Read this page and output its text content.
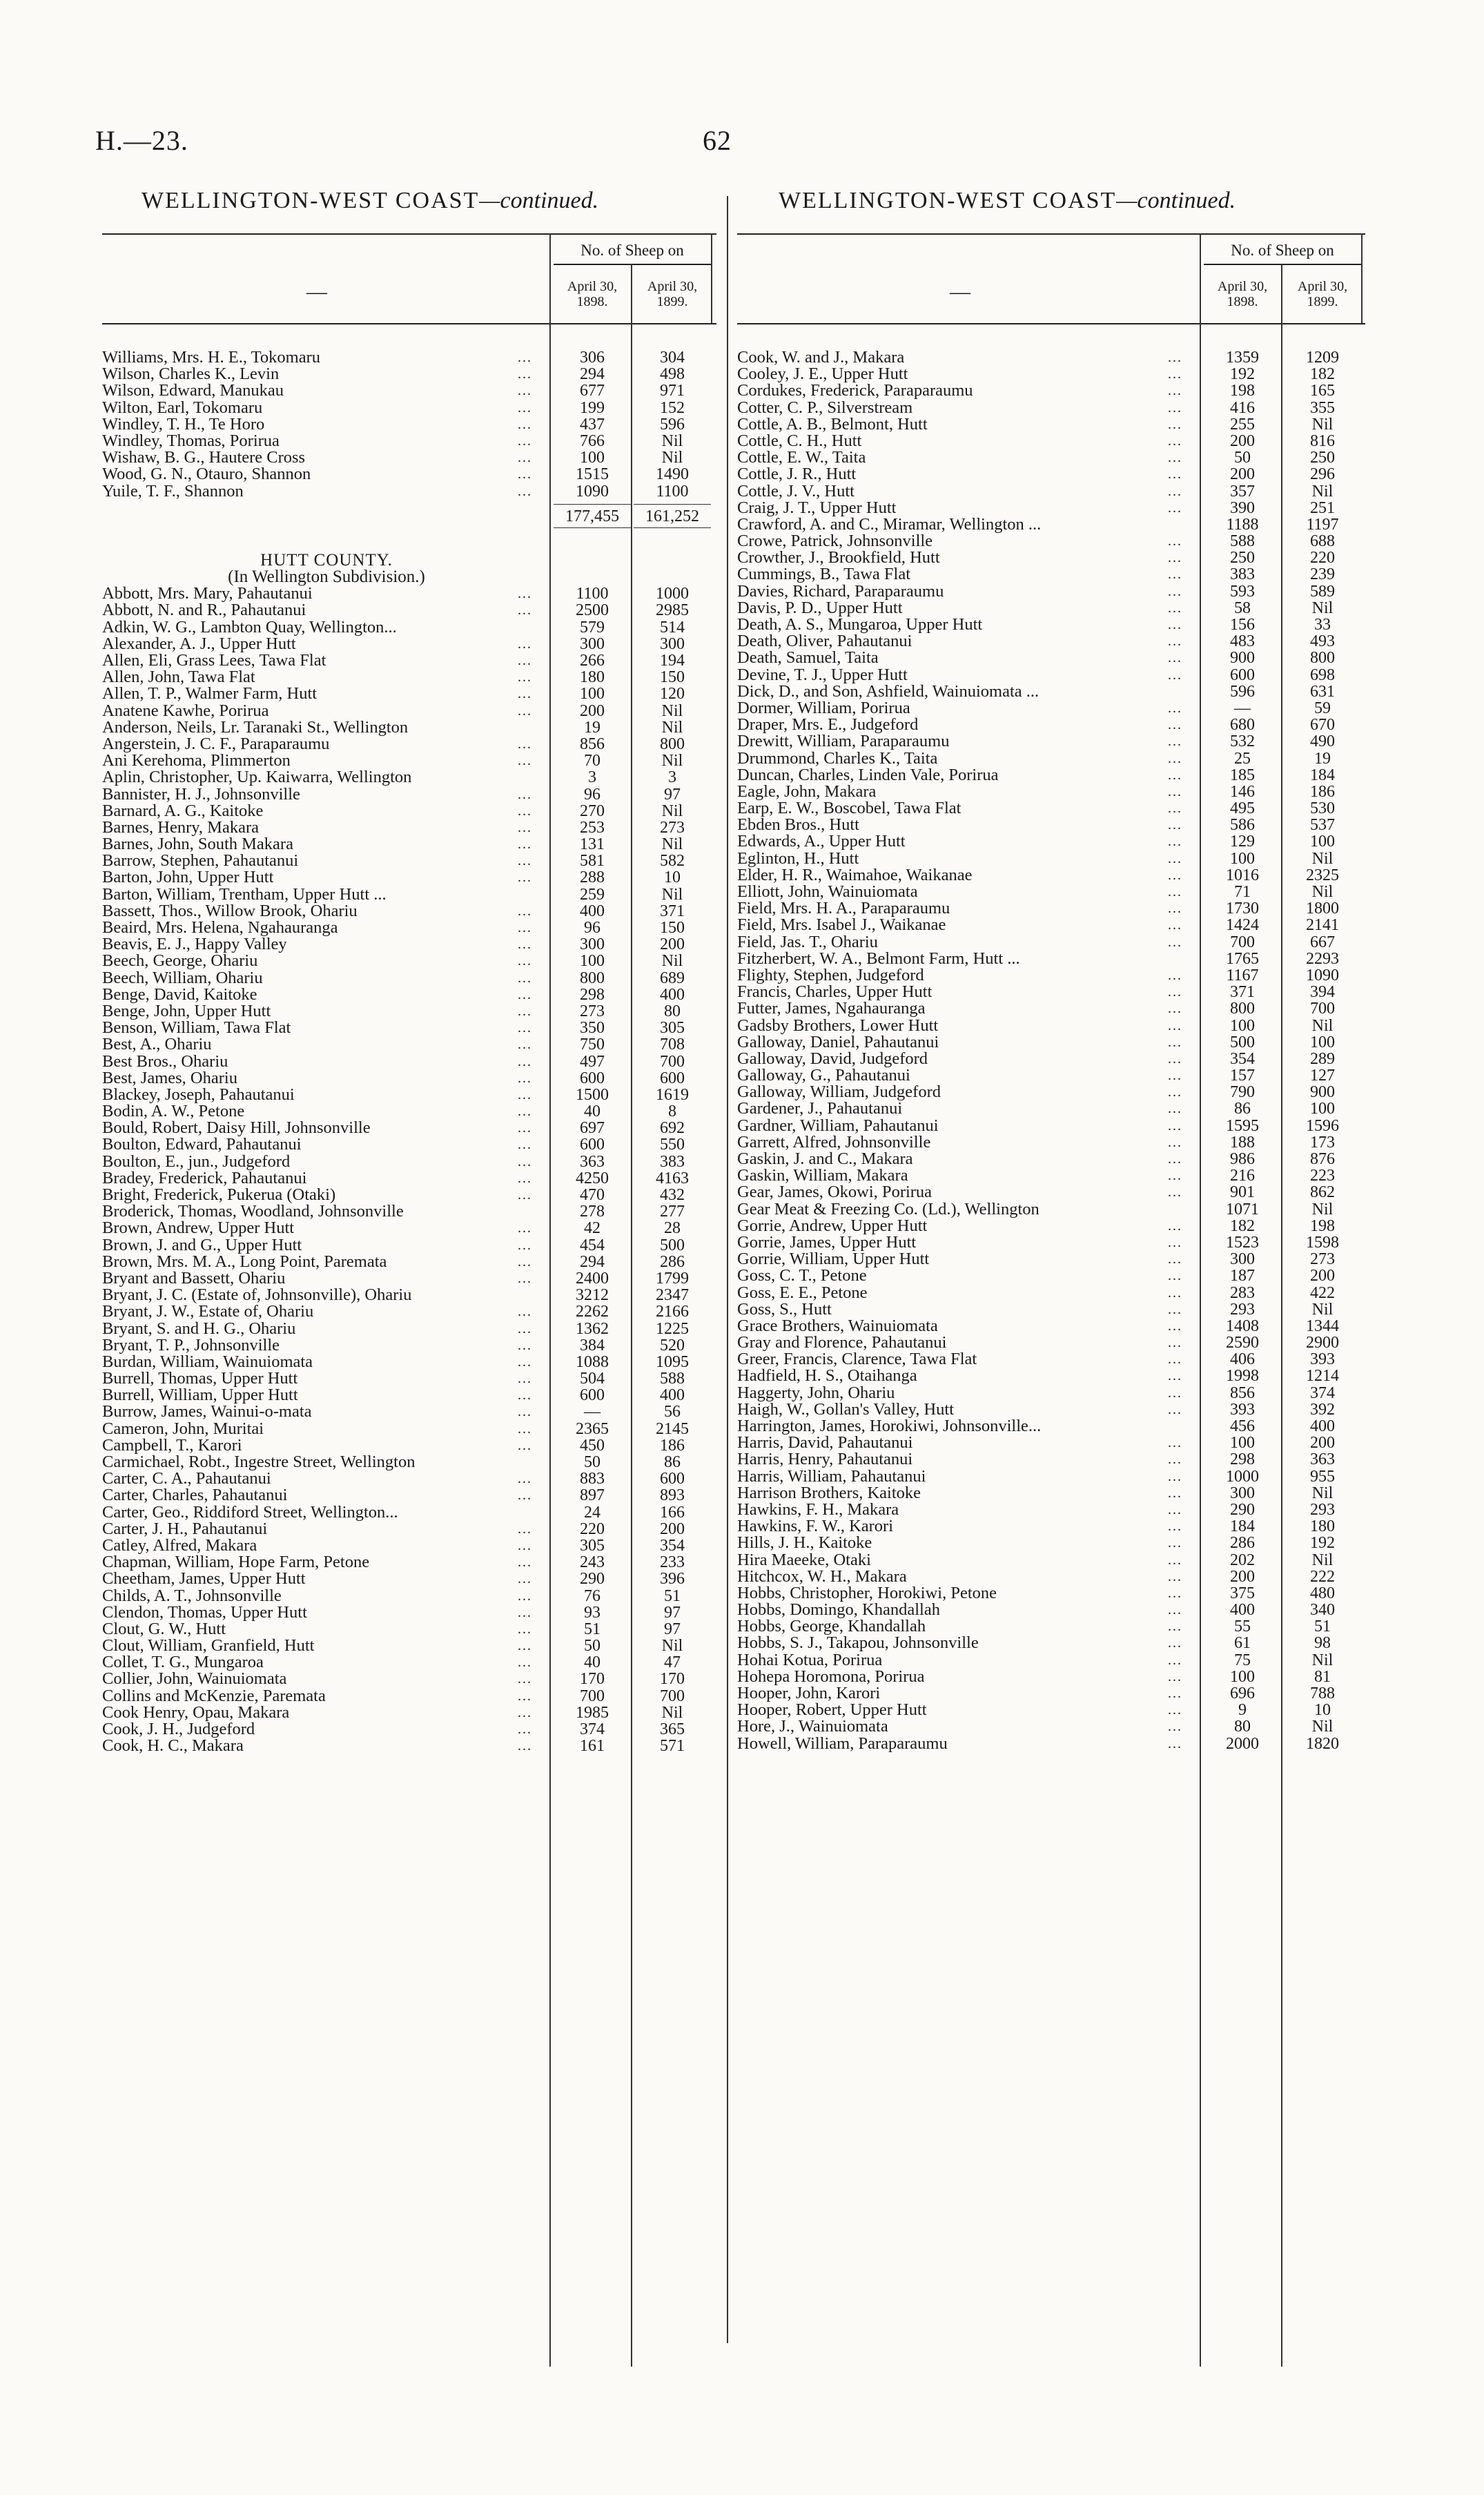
H.—23.	62
WELLINGTON-WEST COAST—continued.	WELLINGTON-WEST COAST—continued.
—
No. of Sheep on
April 30, 1898.
April 30, 1899.
Williams, Mrs. H. E., Tokomaru	...	306	304
Wilson, Charles K., Levin	...	294	498
Wilson, Edward, Manukau	...	677	971
Wilton, Earl, Tokomaru	...	199	152
Windley, T. H., Te Horo	...	437	596
Windley, Thomas, Porirua	...	766	Nil
Wishaw, B. G., Hautere Cross	...	100	Nil
Wood, G. N., Otauro, Shannon	...	1515	1490
Yuile, T. F., Shannon	...	1090	1100
177,455	161,252
HUTT COUNTY.
(In Wellington Subdivision.)
Abbott, Mrs. Mary, Pahautanui	...	1100	1000
Abbott, N. and R., Pahautanui	...	2500	2985
Adkin, W. G., Lambton Quay, Wellington...	579	514
Alexander, A. J., Upper Hutt	...	300	300
Allen, Eli, Grass Lees, Tawa Flat	...	266	194
Allen, John, Tawa Flat	...	180	150
Allen, T. P., Walmer Farm, Hutt	...	100	120
Anatene Kawhe, Porirua	...	200	Nil
Anderson, Neils, Lr. Taranaki St., Wellington	19	Nil
Angerstein, J. C. F., Paraparaumu	...	856	800
Ani Kerehoma, Plimmerton	...	70	Nil
Aplin, Christopher, Up. Kaiwarra, Wellington	3	3
Bannister, H. J., Johnsonville	...	96	97
Barnard, A. G., Kaitoke	...	270	Nil
Barnes, Henry, Makara	...	253	273
Barnes, John, South Makara	...	131	Nil
Barrow, Stephen, Pahautanui	...	581	582
Barton, John, Upper Hutt	...	288	10
Barton, William, Trentham, Upper Hutt ...	259	Nil
Bassett, Thos., Willow Brook, Ohariu	...	400	371
Beaird, Mrs. Helena, Ngahauranga	...	96	150
Beavis, E. J., Happy Valley	...	300	200
Beech, George, Ohariu	...	100	Nil
Beech, William, Ohariu	...	800	689
Benge, David, Kaitoke	...	298	400
Benge, John, Upper Hutt	...	273	80
Benson, William, Tawa Flat	...	350	305
Best, A., Ohariu	...	750	708
Best Bros., Ohariu	...	497	700
Best, James, Ohariu	...	600	600
Blackey, Joseph, Pahautanui	...	1500	1619
Bodin, A. W., Petone	...	40	8
Bould, Robert, Daisy Hill, Johnsonville	...	697	692
Boulton, Edward, Pahautanui	...	600	550
Boulton, E., jun., Judgeford	...	363	383
Bradey, Frederick, Pahautanui	...	4250	4163
Bright, Frederick, Pukerua (Otaki)	...	470	432
Broderick, Thomas, Woodland, Johnsonville	278	277
Brown, Andrew, Upper Hutt	...	42	28
Brown, J. and G., Upper Hutt	...	454	500
Brown, Mrs. M. A., Long Point, Paremata	...	294	286
Bryant and Bassett, Ohariu	...	2400	1799
Bryant, J. C. (Estate of, Johnsonville), Ohariu	3212	2347
Bryant, J. W., Estate of, Ohariu	...	2262	2166
Bryant, S. and H. G., Ohariu	...	1362	1225
Bryant, T. P., Johnsonville	...	384	520
Burdan, William, Wainuiomata	...	1088	1095
Burrell, Thomas, Upper Hutt	...	504	588
Burrell, William, Upper Hutt	...	600	400
Burrow, James, Wainui-o-mata	...	—	56
Cameron, John, Muritai	...	2365	2145
Campbell, T., Karori	...	450	186
Carmichael, Robt., Ingestre Street, Wellington	50	86
Carter, C. A., Pahautanui	...	883	600
Carter, Charles, Pahautanui	...	897	893
Carter, Geo., Riddiford Street, Wellington...	24	166
Carter, J. H., Pahautanui	...	220	200
Catley, Alfred, Makara	...	305	354
Chapman, William, Hope Farm, Petone	...	243	233
Cheetham, James, Upper Hutt	...	290	396
Childs, A. T., Johnsonville	...	76	51
Clendon, Thomas, Upper Hutt	...	93	97
Clout, G. W., Hutt	...	51	97
Clout, William, Granfield, Hutt	...	50	Nil
Collet, T. G., Mungaroa	...	40	47
Collier, John, Wainuiomata	...	170	170
Collins and McKenzie, Paremata	...	700	700
Cook Henry, Opau, Makara	...	1985	Nil
Cook, J. H., Judgeford	...	374	365
Cook, H. C., Makara	...	161	571
—
No. of Sheep on
April 30, 1898.
April 30, 1899.
Cook, W. and J., Makara	...	1359	1209
Cooley, J. E., Upper Hutt	...	192	182
Cordukes, Frederick, Paraparaumu	...	198	165
Cotter, C. P., Silverstream	...	416	355
Cottle, A. B., Belmont, Hutt	...	255	Nil
Cottle, C. H., Hutt	...	200	816
Cottle, E. W., Taita	...	50	250
Cottle, J. R., Hutt	...	200	296
Cottle, J. V., Hutt	...	357	Nil
Craig, J. T., Upper Hutt	...	390	251
Crawford, A. and C., Miramar, Wellington ...	1188	1197
Crowe, Patrick, Johnsonville	...	588	688
Crowther, J., Brookfield, Hutt	...	250	220
Cummings, B., Tawa Flat	...	383	239
Davies, Richard, Paraparaumu	...	593	589
Davis, P. D., Upper Hutt	...	58	Nil
Death, A. S., Mungaroa, Upper Hutt	...	156	33
Death, Oliver, Pahautanui	...	483	493
Death, Samuel, Taita	...	900	800
Devine, T. J., Upper Hutt	...	600	698
Dick, D., and Son, Ashfield, Wainuiomata ...	596	631
Dormer, William, Porirua	...	—	59
Draper, Mrs. E., Judgeford	...	680	670
Drewitt, William, Paraparaumu	...	532	490
Drummond, Charles K., Taita	...	25	19
Duncan, Charles, Linden Vale, Porirua	...	185	184
Eagle, John, Makara	...	146	186
Earp, E. W., Boscobel, Tawa Flat	...	495	530
Ebden Bros., Hutt	...	586	537
Edwards, A., Upper Hutt	...	129	100
Eglinton, H., Hutt	...	100	Nil
Elder, H. R., Waimahoe, Waikanae	...	1016	2325
Elliott, John, Wainuiomata	...	71	Nil
Field, Mrs. H. A., Paraparaumu	...	1730	1800
Field, Mrs. Isabel J., Waikanae	...	1424	2141
Field, Jas. T., Ohariu	...	700	667
Fitzherbert, W. A., Belmont Farm, Hutt ...	1765	2293
Flighty, Stephen, Judgeford	...	1167	1090
Francis, Charles, Upper Hutt	...	371	394
Futter, James, Ngahauranga	...	800	700
Gadsby Brothers, Lower Hutt	...	100	Nil
Galloway, Daniel, Pahautanui	...	500	100
Galloway, David, Judgeford	...	354	289
Galloway, G., Pahautanui	...	157	127
Galloway, William, Judgeford	...	790	900
Gardener, J., Pahautanui	...	86	100
Gardner, William, Pahautanui	...	1595	1596
Garrett, Alfred, Johnsonville	...	188	173
Gaskin, J. and C., Makara	...	986	876
Gaskin, William, Makara	...	216	223
Gear, James, Okowi, Porirua	...	901	862
Gear Meat & Freezing Co. (Ld.), Wellington	1071	Nil
Gorrie, Andrew, Upper Hutt	...	182	198
Gorrie, James, Upper Hutt	...	1523	1598
Gorrie, William, Upper Hutt	...	300	273
Goss, C. T., Petone	...	187	200
Goss, E. E., Petone	...	283	422
Goss, S., Hutt	...	293	Nil
Grace Brothers, Wainuiomata	...	1408	1344
Gray and Florence, Pahautanui	...	2590	2900
Greer, Francis, Clarence, Tawa Flat	...	406	393
Hadfield, H. S., Otaihanga	...	1998	1214
Haggerty, John, Ohariu	...	856	374
Haigh, W., Gollan's Valley, Hutt	...	393	392
Harrington, James, Horokiwi, Johnsonville...	456	400
Harris, David, Pahautanui	...	100	200
Harris, Henry, Pahautanui	...	298	363
Harris, William, Pahautanui	...	1000	955
Harrison Brothers, Kaitoke	...	300	Nil
Hawkins, F. H., Makara	...	290	293
Hawkins, F. W., Karori	...	184	180
Hills, J. H., Kaitoke	...	286	192
Hira Maeeke, Otaki	...	202	Nil
Hitchcox, W. H., Makara	...	200	222
Hobbs, Christopher, Horokiwi, Petone	...	375	480
Hobbs, Domingo, Khandallah	...	400	340
Hobbs, George, Khandallah	...	55	51
Hobbs, S. J., Takapou, Johnsonville	...	61	98
Hohai Kotua, Porirua	...	75	Nil
Hohepa Horomona, Porirua	...	100	81
Hooper, John, Karori	...	696	788
Hooper, Robert, Upper Hutt	...	9	10
Hore, J., Wainuiomata	...	80	Nil
Howell, William, Paraparaumu	...	2000	1820
